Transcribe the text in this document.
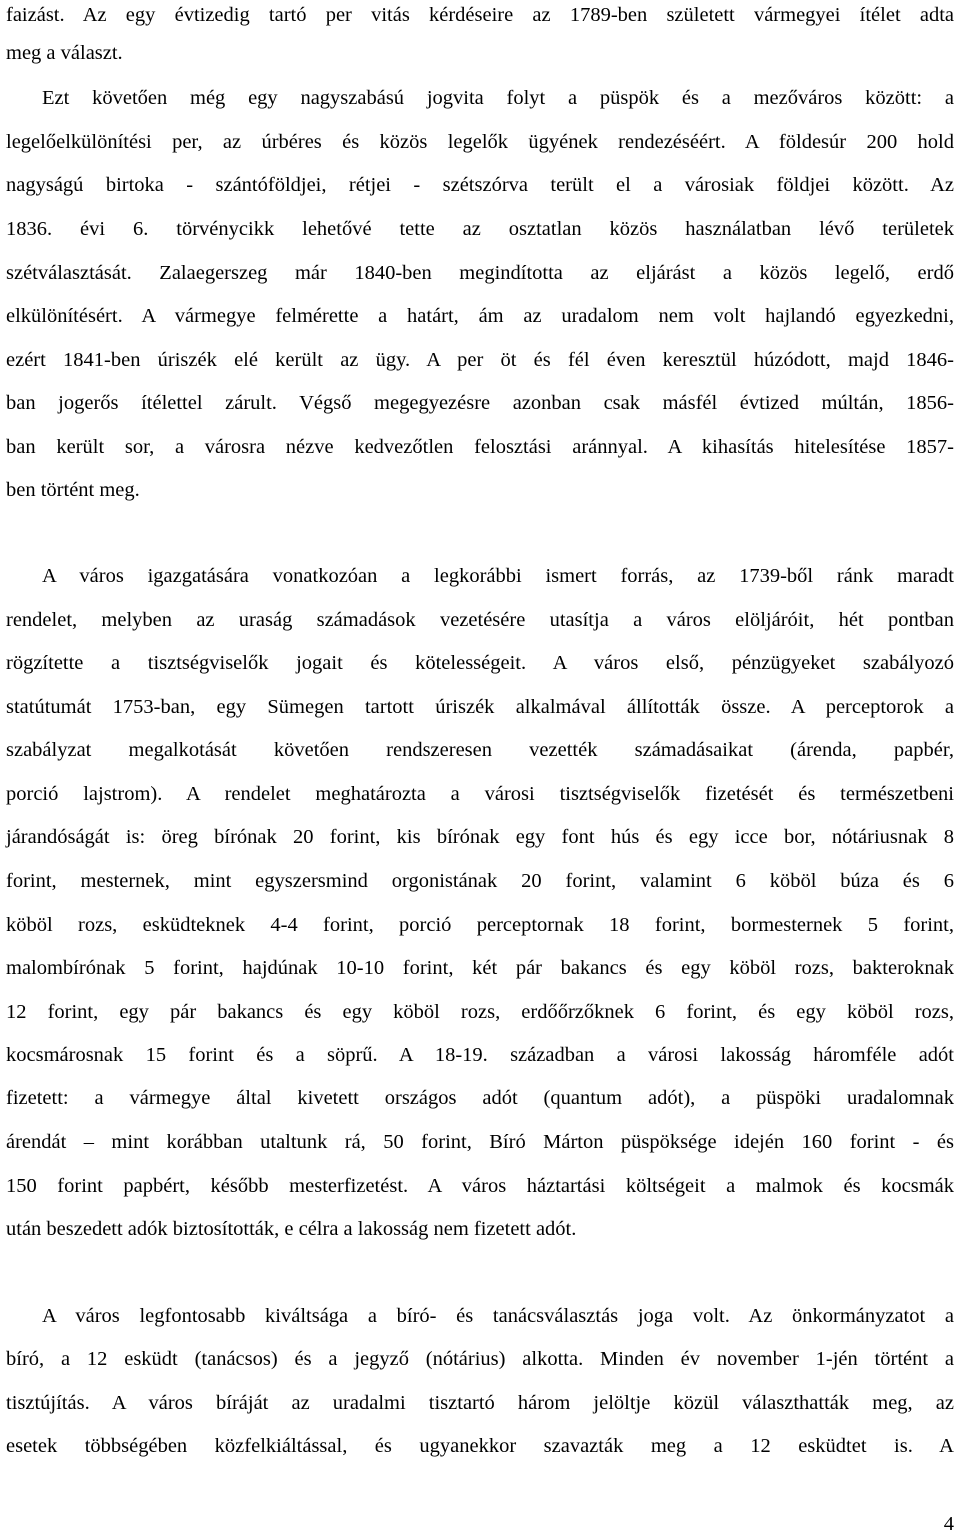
faizást. Az egy évtizedig tartó per vitás kérdéseire az 1789-ben született vármegyei ítélet adta
meg a választ.
Ezt követően még egy nagyszabású jogvita folyt a püspök és a mezőváros között: a
legelőelkülönítési per, az úrbéres és közös legelők ügyének rendezéséért. A földesúr 200 hold
nagyságú birtoka - szántóföldjei, rétjei - szétszórva terült el a városiak földjei között. Az
1836. évi 6. törvénycikk lehetővé tette az osztatlan közös használatban lévő területek
szétválasztását. Zalaegerszeg már 1840-ben megindította az eljárást a közös legelő, erdő
elkülönítésért. A vármegye felmérette a határt, ám az uradalom nem volt hajlandó egyezkedni,
ezért 1841-ben úriszék elé került az ügy. A per öt és fél éven keresztül húzódott, majd 1846-
ban jogerős ítélettel zárult. Végső megegyezésre azonban csak másfél évtized múltán, 1856-
ban került sor, a városra nézve kedvezőtlen felosztási aránnyal. A kihasítás hitelesítése 1857-
ben történt meg.
A város igazgatására vonatkozóan a legkorábbi ismert forrás, az 1739-ből ránk maradt
rendelet, melyben az uraság számadások vezetésére utasítja a város elöljáróit, hét pontban
rögzítette a tisztségviselők jogait és kötelességeit. A város első, pénzügyeket szabályozó
statútumát 1753-ban, egy Sümegen tartott úriszék alkalmával állították össze. A perceptorok a
szabályzat megalkotását követően rendszeresen vezették számadásaikat (árenda, papbér,
porció lajstrom). A rendelet meghatározta a városi tisztségviselők fizetését és természetbeni
járandóságát is: öreg bírónak 20 forint, kis bírónak egy font hús és egy icce bor, nótáriusnak 8
forint, mesternek, mint egyszersmind orgonistának 20 forint, valamint 6 köböl búza és 6
köböl rozs, esküdteknek 4-4 forint, porció perceptornak 18 forint, bormesternek 5 forint,
malombírónak 5 forint, hajdúnak 10-10 forint, két pár bakancs és egy köböl rozs, bakteroknak
12 forint, egy pár bakancs és egy köböl rozs, erdőőrzőknek 6 forint, és egy köböl rozs,
kocsmárosnak 15 forint és a söprű. A 18-19. században a városi lakosság háromféle adót
fizetett: a vármegye által kivetett országos adót (quantum adót), a püspöki uradalomnak
árendát – mint korábban utaltunk rá, 50 forint, Bíró Márton püspöksége idején 160 forint - és
150 forint papbért, később mesterfizetést. A város háztartási költségeit a malmok és kocsmák
után beszedett adók biztosították, e célra a lakosság nem fizetett adót.
A város legfontosabb kiváltsága a bíró- és tanácsválasztás joga volt. Az önkormányzatot a
bíró, a 12 esküdt (tanácsos) és a jegyző (nótárius) alkotta. Minden év november 1-jén történt a
tisztújítás. A város bíráját az uradalmi tisztartó három jelöltje közül választhatták meg, az
esetek többségében közfelkiáltással, és ugyanekkor szavazták meg a 12 esküdtet is. A
4
